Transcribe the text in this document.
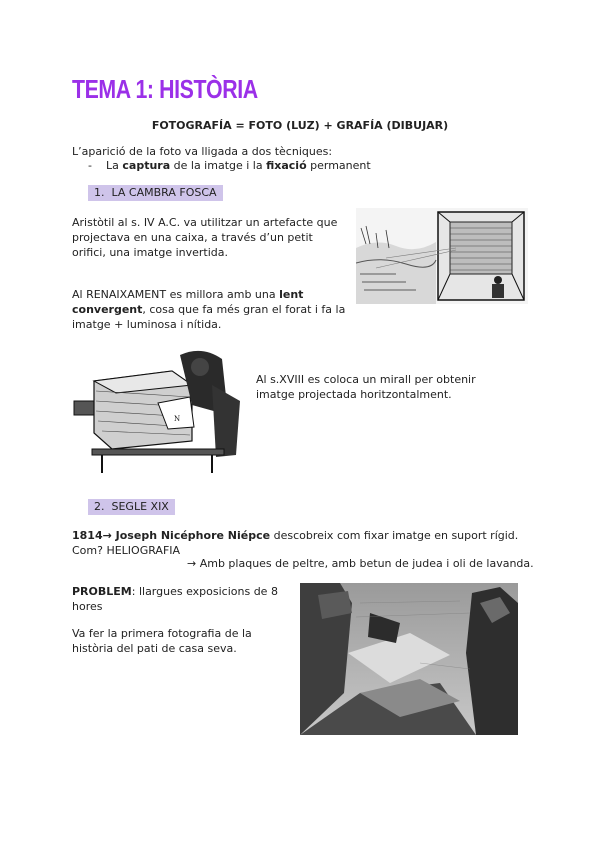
TEMA 1: HISTÒRIA
FOTOGRAFÍA = FOTO (LUZ) + GRAFÍA (DIBUJAR)
L’aparició de la foto va lligada a dos tècniques:
- La captura de la imatge i la fixació permanent
1. LA CAMBRA FOSCA
Aristòtil al s. IV A.C. va utilitzar un artefacte que
projectava en una caixa, a través d’un petit
orifici, una imatge invertida.
Al RENAIXAMENT es millora amb una lent
convergent, cosa que fa més gran el forat i fa la
imatge + luminosa i nítida.
N
Al s.XVIII es coloca un mirall per obtenir
imatge projectada horitzontalment.
2. SEGLE XIX
1814→ Joseph Nicéphore Niépce descobreix com fixar imatge en suport rígid.
Com? HELIOGRAFIA
→ Amb plaques de peltre, amb betun de judea i oli de lavanda.
PROBLEM: llargues exposicions de 8
hores
Va fer la primera fotografia de la
història del pati de casa seva.
